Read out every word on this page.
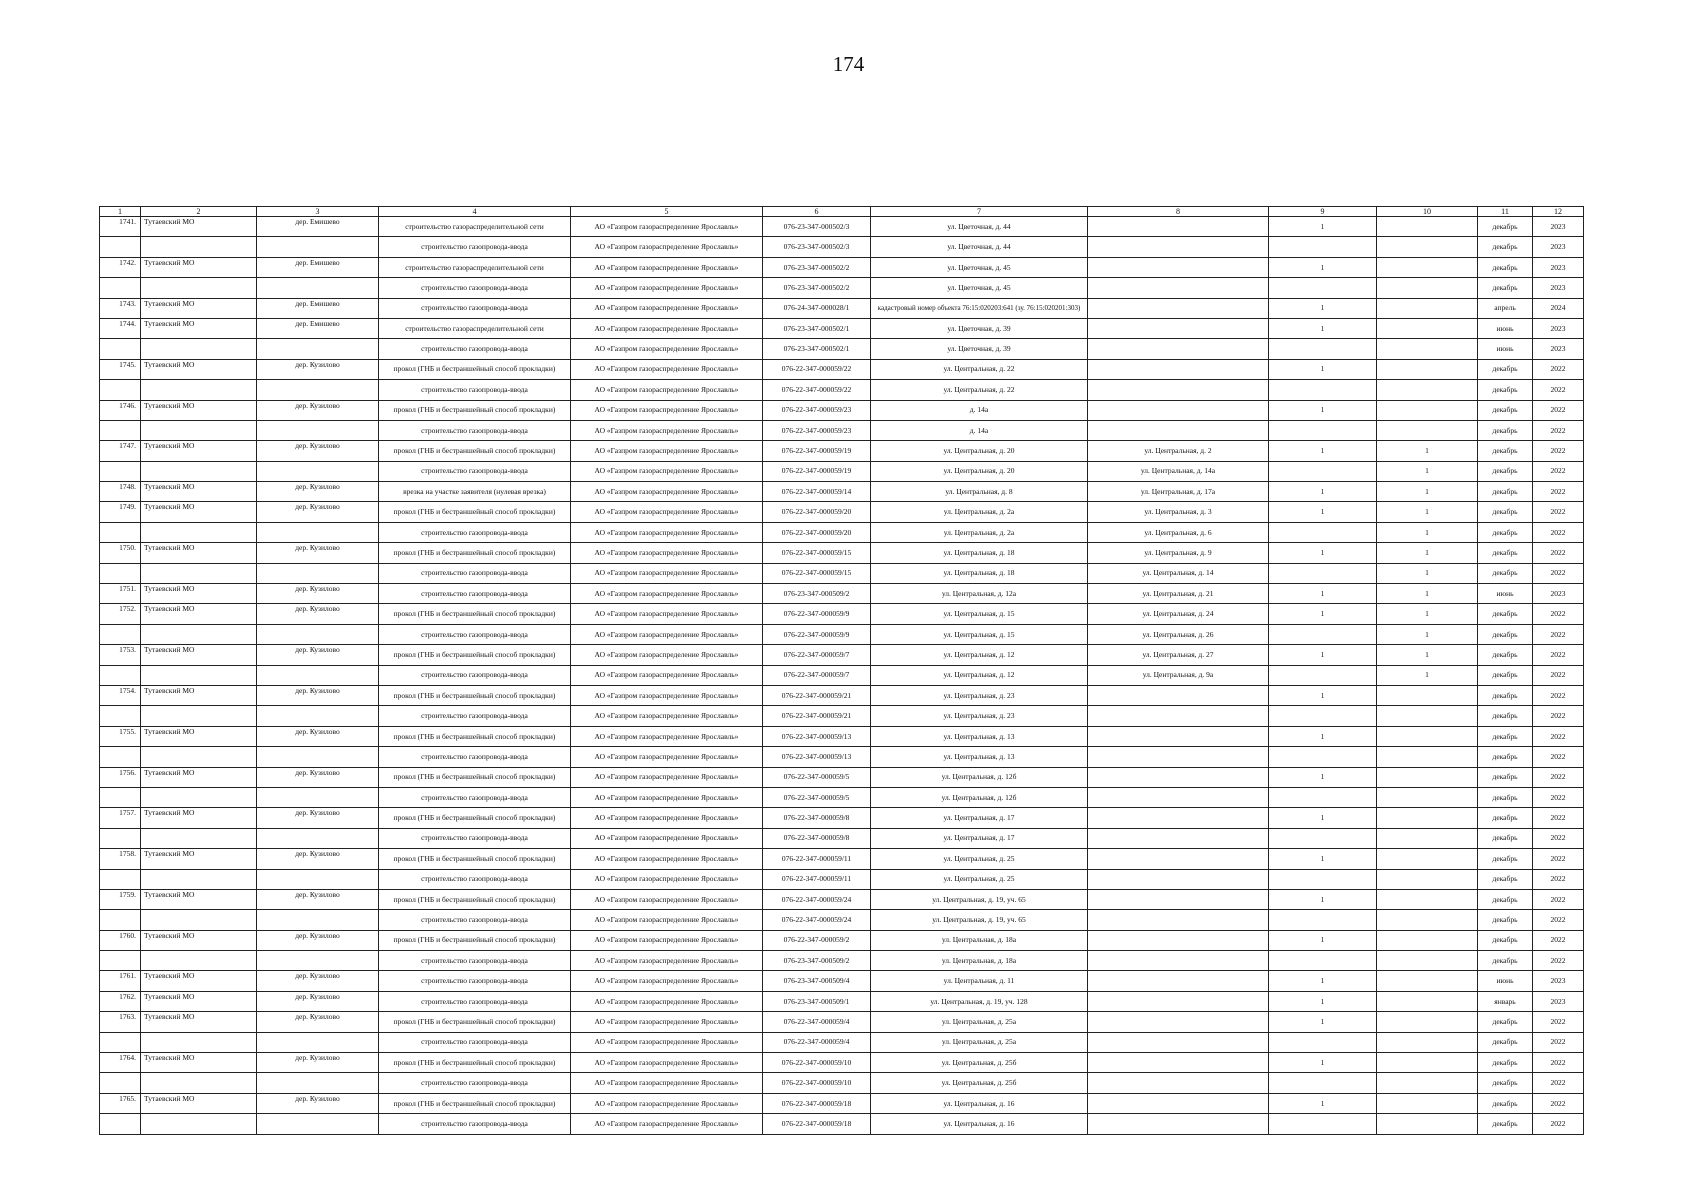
174
1	2	3	4	5	6	7	8	9	10	11	12
1741.	Тутаевский МО	дер. Емишево	строительство газораспределительной сети	АО «Газпром газораспределение Ярославль»	076-23-347-000502/3	ул. Цветочная, д. 44		1		декабрь	2023
			строительство газопровода-ввода	АО «Газпром газораспределение Ярославль»	076-23-347-000502/3	ул. Цветочная, д. 44				декабрь	2023
1742.	Тутаевский МО	дер. Емишево	строительство газораспределительной сети	АО «Газпром газораспределение Ярославль»	076-23-347-000502/2	ул. Цветочная, д. 45		1		декабрь	2023
			строительство газопровода-ввода	АО «Газпром газораспределение Ярославль»	076-23-347-000502/2	ул. Цветочная, д. 45				декабрь	2023
1743.	Тутаевский МО	дер. Емишево	строительство газопровода-ввода	АО «Газпром газораспределение Ярославль»	076-24-347-000028/1	кадастровый номер объекта 76:15:020203:641 (зу. 76:15:020201:303)		1		апрель	2024
1744.	Тутаевский МО	дер. Емишево	строительство газораспределительной сети	АО «Газпром газораспределение Ярославль»	076-23-347-000502/1	ул. Цветочная, д. 39		1		июнь	2023
			строительство газопровода-ввода	АО «Газпром газораспределение Ярославль»	076-23-347-000502/1	ул. Цветочная, д. 39				июнь	2023
1745.	Тутаевский МО	дер. Кузилово	прокол (ГНБ и бестраншейный способ прокладки)	АО «Газпром газораспределение Ярославль»	076-22-347-000059/22	ул. Центральная, д. 22		1		декабрь	2022
			строительство газопровода-ввода	АО «Газпром газораспределение Ярославль»	076-22-347-000059/22	ул. Центральная, д. 22				декабрь	2022
1746.	Тутаевский МО	дер. Кузилово	прокол (ГНБ и бестраншейный способ прокладки)	АО «Газпром газораспределение Ярославль»	076-22-347-000059/23	д. 14а		1		декабрь	2022
			строительство газопровода-ввода	АО «Газпром газораспределение Ярославль»	076-22-347-000059/23	д. 14а				декабрь	2022
1747.	Тутаевский МО	дер. Кузилово	прокол (ГНБ и бестраншейный способ прокладки)	АО «Газпром газораспределение Ярославль»	076-22-347-000059/19	ул. Центральная, д. 20	ул. Центральная, д. 2	1	1	декабрь	2022
			строительство газопровода-ввода	АО «Газпром газораспределение Ярославль»	076-22-347-000059/19	ул. Центральная, д. 20	ул. Центральная, д. 14а		1	декабрь	2022
1748.	Тутаевский МО	дер. Кузилово	врезка на участке заявителя (нулевая врезка)	АО «Газпром газораспределение Ярославль»	076-22-347-000059/14	ул. Центральная, д. 8	ул. Центральная, д. 17а	1	1	декабрь	2022
1749.	Тутаевский МО	дер. Кузилово	прокол (ГНБ и бестраншейный способ прокладки)	АО «Газпром газораспределение Ярославль»	076-22-347-000059/20	ул. Центральная, д. 2а	ул. Центральная, д. 3	1	1	декабрь	2022
			строительство газопровода-ввода	АО «Газпром газораспределение Ярославль»	076-22-347-000059/20	ул. Центральная, д. 2а	ул. Центральная, д. 6		1	декабрь	2022
1750.	Тутаевский МО	дер. Кузилово	прокол (ГНБ и бестраншейный способ прокладки)	АО «Газпром газораспределение Ярославль»	076-22-347-000059/15	ул. Центральная, д. 18	ул. Центральная, д. 9	1	1	декабрь	2022
			строительство газопровода-ввода	АО «Газпром газораспределение Ярославль»	076-22-347-000059/15	ул. Центральная, д. 18	ул. Центральная, д. 14		1	декабрь	2022
1751.	Тутаевский МО	дер. Кузилово	строительство газопровода-ввода	АО «Газпром газораспределение Ярославль»	076-23-347-000509/2	ул. Центральная, д. 12а	ул. Центральная, д. 21	1	1	июнь	2023
1752.	Тутаевский МО	дер. Кузилово	прокол (ГНБ и бестраншейный способ прокладки)	АО «Газпром газораспределение Ярославль»	076-22-347-000059/9	ул. Центральная, д. 15	ул. Центральная, д. 24	1	1	декабрь	2022
			строительство газопровода-ввода	АО «Газпром газораспределение Ярославль»	076-22-347-000059/9	ул. Центральная, д. 15	ул. Центральная, д. 26		1	декабрь	2022
1753.	Тутаевский МО	дер. Кузилово	прокол (ГНБ и бестраншейный способ прокладки)	АО «Газпром газораспределение Ярославль»	076-22-347-000059/7	ул. Центральная, д. 12	ул. Центральная, д. 27	1	1	декабрь	2022
			строительство газопровода-ввода	АО «Газпром газораспределение Ярославль»	076-22-347-000059/7	ул. Центральная, д. 12	ул. Центральная, д. 9а		1	декабрь	2022
1754.	Тутаевский МО	дер. Кузилово	прокол (ГНБ и бестраншейный способ прокладки)	АО «Газпром газораспределение Ярославль»	076-22-347-000059/21	ул. Центральная, д. 23		1		декабрь	2022
			строительство газопровода-ввода	АО «Газпром газораспределение Ярославль»	076-22-347-000059/21	ул. Центральная, д. 23				декабрь	2022
1755.	Тутаевский МО	дер. Кузилово	прокол (ГНБ и бестраншейный способ прокладки)	АО «Газпром газораспределение Ярославль»	076-22-347-000059/13	ул. Центральная, д. 13		1		декабрь	2022
			строительство газопровода-ввода	АО «Газпром газораспределение Ярославль»	076-22-347-000059/13	ул. Центральная, д. 13				декабрь	2022
1756.	Тутаевский МО	дер. Кузилово	прокол (ГНБ и бестраншейный способ прокладки)	АО «Газпром газораспределение Ярославль»	076-22-347-000059/5	ул. Центральная, д. 12б		1		декабрь	2022
			строительство газопровода-ввода	АО «Газпром газораспределение Ярославль»	076-22-347-000059/5	ул. Центральная, д. 12б				декабрь	2022
1757.	Тутаевский МО	дер. Кузилово	прокол (ГНБ и бестраншейный способ прокладки)	АО «Газпром газораспределение Ярославль»	076-22-347-000059/8	ул. Центральная, д. 17		1		декабрь	2022
			строительство газопровода-ввода	АО «Газпром газораспределение Ярославль»	076-22-347-000059/8	ул. Центральная, д. 17				декабрь	2022
1758.	Тутаевский МО	дер. Кузилово	прокол (ГНБ и бестраншейный способ прокладки)	АО «Газпром газораспределение Ярославль»	076-22-347-000059/11	ул. Центральная, д. 25		1		декабрь	2022
			строительство газопровода-ввода	АО «Газпром газораспределение Ярославль»	076-22-347-000059/11	ул. Центральная, д. 25				декабрь	2022
1759.	Тутаевский МО	дер. Кузилово	прокол (ГНБ и бестраншейный способ прокладки)	АО «Газпром газораспределение Ярославль»	076-22-347-000059/24	ул. Центральная, д. 19, уч. 65		1		декабрь	2022
			строительство газопровода-ввода	АО «Газпром газораспределение Ярославль»	076-22-347-000059/24	ул. Центральная, д. 19, уч. 65				декабрь	2022
1760.	Тутаевский МО	дер. Кузилово	прокол (ГНБ и бестраншейный способ прокладки)	АО «Газпром газораспределение Ярославль»	076-22-347-000059/2	ул. Центральная, д. 18а		1		декабрь	2022
			строительство газопровода-ввода	АО «Газпром газораспределение Ярославль»	076-23-347-000509/2	ул. Центральная, д. 18а				декабрь	2022
1761.	Тутаевский МО	дер. Кузилово	строительство газопровода-ввода	АО «Газпром газораспределение Ярославль»	076-23-347-000509/4	ул. Центральная, д. 11		1		июнь	2023
1762.	Тутаевский МО	дер. Кузилово	строительство газопровода-ввода	АО «Газпром газораспределение Ярославль»	076-23-347-000509/1	ул. Центральная, д. 19, уч. 128		1		январь	2023
1763.	Тутаевский МО	дер. Кузилово	прокол (ГНБ и бестраншейный способ прокладки)	АО «Газпром газораспределение Ярославль»	076-22-347-000059/4	ул. Центральная, д. 25а		1		декабрь	2022
			строительство газопровода-ввода	АО «Газпром газораспределение Ярославль»	076-22-347-000059/4	ул. Центральная, д. 25а				декабрь	2022
1764.	Тутаевский МО	дер. Кузилово	прокол (ГНБ и бестраншейный способ прокладки)	АО «Газпром газораспределение Ярославль»	076-22-347-000059/10	ул. Центральная, д. 25б		1		декабрь	2022
			строительство газопровода-ввода	АО «Газпром газораспределение Ярославль»	076-22-347-000059/10	ул. Центральная, д. 25б				декабрь	2022
1765.	Тутаевский МО	дер. Кузилово	прокол (ГНБ и бестраншейный способ прокладки)	АО «Газпром газораспределение Ярославль»	076-22-347-000059/18	ул. Центральная, д. 16		1		декабрь	2022
			строительство газопровода-ввода	АО «Газпром газораспределение Ярославль»	076-22-347-000059/18	ул. Центральная, д. 16				декабрь	2022
